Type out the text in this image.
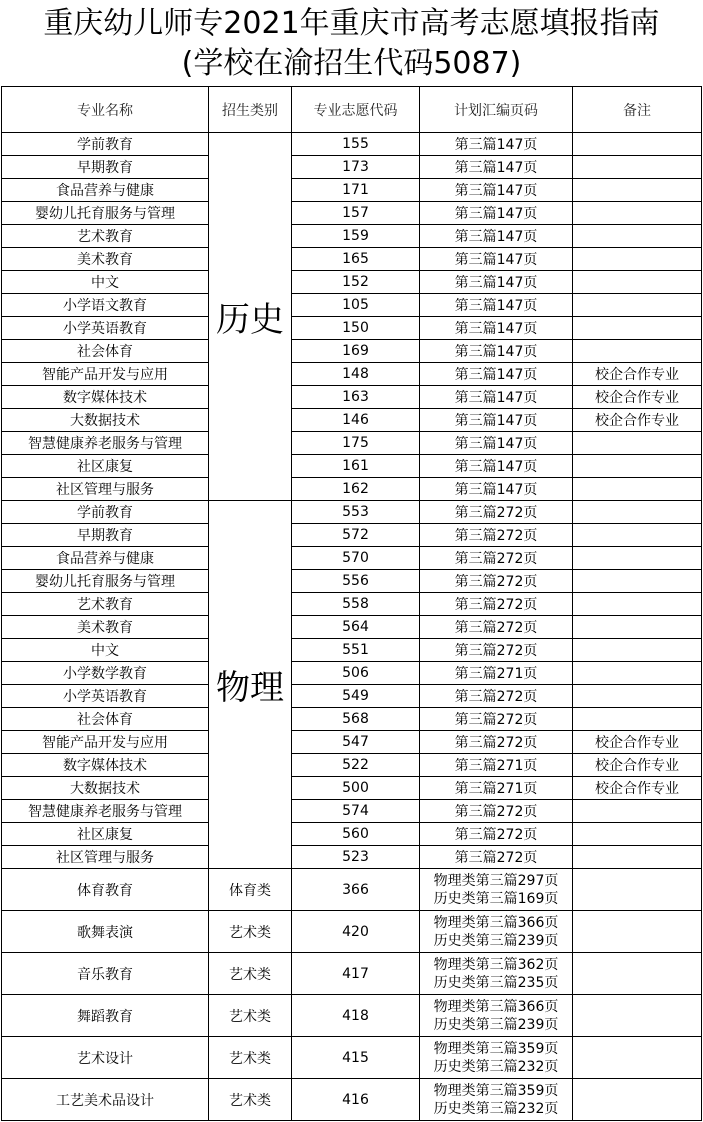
重庆幼儿师专2021年重庆市高考志愿填报指南
(学校在渝招生代码5087)
专业名称	招生类别	专业志愿代码	计划汇编页码	备注
学前教育	历史	155	第三篇147页	
早期教育		173	第三篇147页	
食品营养与健康		171	第三篇147页	
婴幼儿托育服务与管理		157	第三篇147页	
艺术教育		159	第三篇147页	
美术教育		165	第三篇147页	
中文		152	第三篇147页	
小学语文教育		105	第三篇147页	
小学英语教育		150	第三篇147页	
社会体育		169	第三篇147页	
智能产品开发与应用		148	第三篇147页	校企合作专业
数字媒体技术		163	第三篇147页	校企合作专业
大数据技术		146	第三篇147页	校企合作专业
智慧健康养老服务与管理		175	第三篇147页	
社区康复		161	第三篇147页	
社区管理与服务		162	第三篇147页	
学前教育	物理	553	第三篇272页	
早期教育		572	第三篇272页	
食品营养与健康		570	第三篇272页	
婴幼儿托育服务与管理		556	第三篇272页	
艺术教育		558	第三篇272页	
美术教育		564	第三篇272页	
中文		551	第三篇272页	
小学数学教育		506	第三篇271页	
小学英语教育		549	第三篇272页	
社会体育		568	第三篇272页	
智能产品开发与应用		547	第三篇272页	校企合作专业
数字媒体技术		522	第三篇271页	校企合作专业
大数据技术		500	第三篇271页	校企合作专业
智慧健康养老服务与管理		574	第三篇272页	
社区康复		560	第三篇272页	
社区管理与服务		523	第三篇272页	
体育教育	体育类	366	物理类第三篇297页
历史类第三篇169页	

歌舞表演	艺术类	420	物理类第三篇366页
历史类第三篇239页	

音乐教育	艺术类	417	物理类第三篇362页
历史类第三篇235页	

舞蹈教育	艺术类	418	物理类第三篇366页
历史类第三篇239页	

艺术设计	艺术类	415	物理类第三篇359页
历史类第三篇232页	

工艺美术品设计	艺术类	416	物理类第三篇359页
历史类第三篇232页	
